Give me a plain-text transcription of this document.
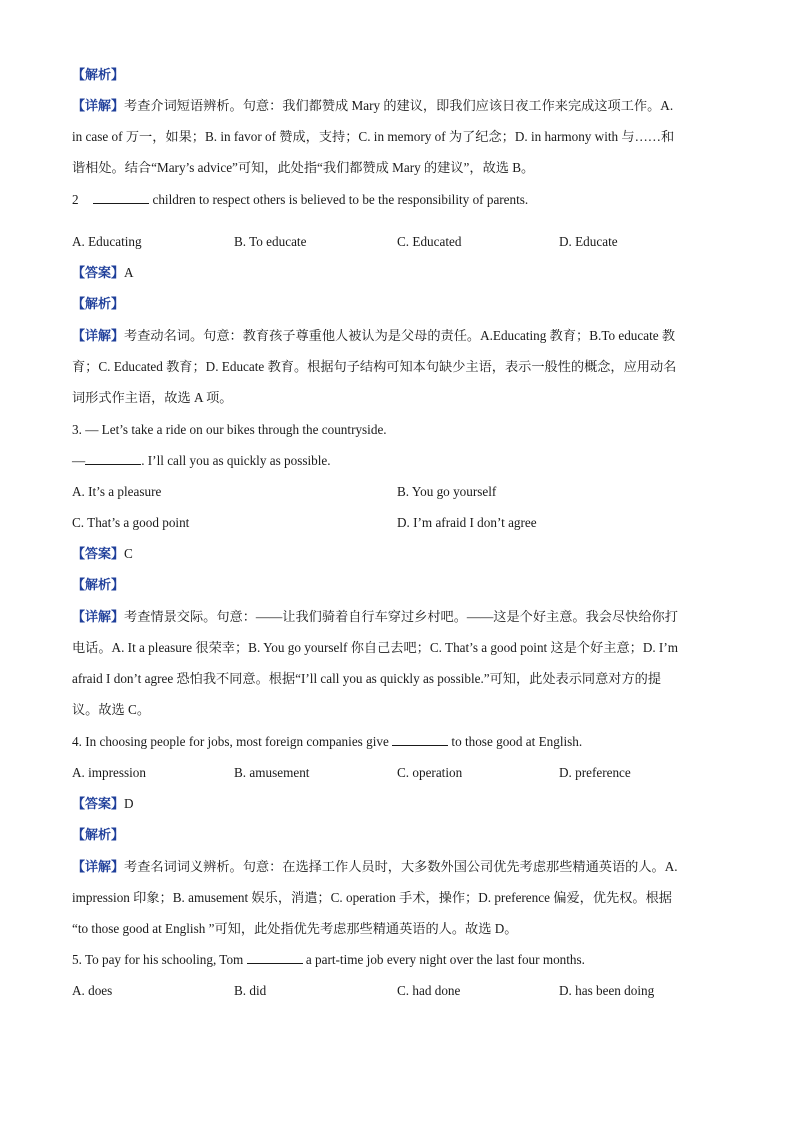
【解析】
【详解】考查介词短语辨析。句意：我们都赞成 Mary 的建议，即我们应该日夜工作来完成这项工作。A.
in case of 万一，如果；B. in favor of 赞成，支持；C. in memory of 为了纪念；D. in harmony with 与……和
谐相处。结合“Mary’s advice”可知，此处指“我们都赞成 Mary 的建议”，故选 B。
2	children to respect others is believed to be the responsibility of parents.
A. Educating	B. To educate	C. Educated	D. Educate
【答案】A
【解析】
【详解】考查动名词。句意：教育孩子尊重他人被认为是父母的责任。A.Educating 教育；B.To educate 教
育；C. Educated 教育；D. Educate 教育。根据句子结构可知本句缺少主语，表示一般性的概念，应用动名
词形式作主语，故选 A 项。
3. — Let’s take a ride on our bikes through the countryside.
—	. I’ll call you as quickly as possible.
A. It’s a pleasure	B. You go yourself
C. That’s a good point	D. I’m afraid I don’t agree
【答案】C
【解析】
【详解】考查情景交际。句意：——让我们骑着自行车穿过乡村吧。——这是个好主意。我会尽快给你打
电话。A. It a pleasure 很荣幸；B. You go yourself 你自己去吧；C. That’s a good point 这是个好主意；D. I’m
afraid I don’t agree 恐怕我不同意。根据“I’ll call you as quickly as possible.”可知，此处表示同意对方的提
议。故选 C。
4. In choosing people for jobs, most foreign companies give	to those good at English.
A. impression	B. amusement	C. operation	D. preference
【答案】D
【解析】
【详解】考查名词词义辨析。句意：在选择工作人员时，大多数外国公司优先考虑那些精通英语的人。A.
impression 印象；B. amusement 娱乐，消遣；C. operation 手术，操作；D. preference 偏爱，优先权。根据
“to those good at English ”可知，此处指优先考虑那些精通英语的人。故选 D。
5. To pay for his schooling, Tom	a part-time job every night over the last four months.
A. does	B. did	C. had done	D. has been doing
